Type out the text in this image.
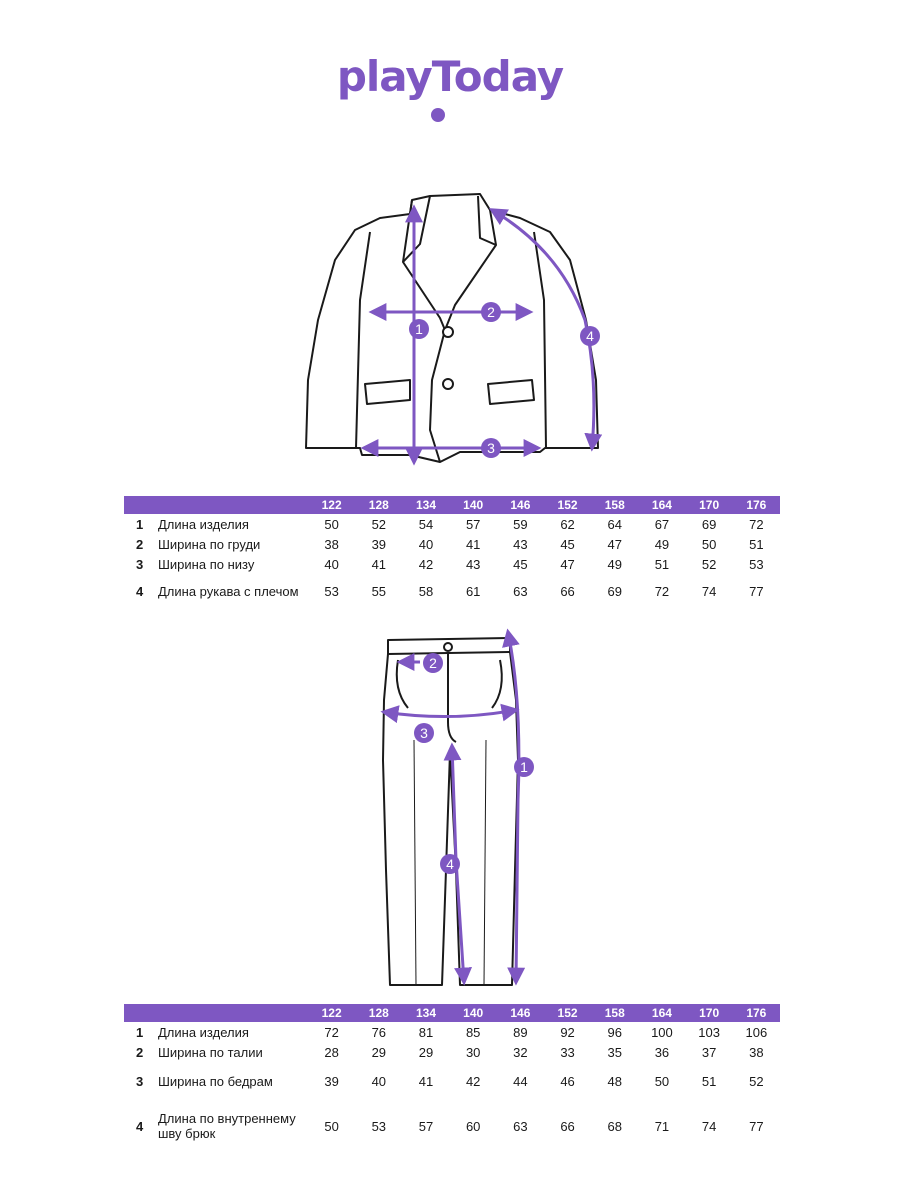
playToday
1
2
3
4
		122	128	134	140	146	152	158	164	170	176
1	Длина изделия	50	52	54	57	59	62	64	67	69	72
2	Ширина по груди	38	39	40	41	43	45	47	49	50	51
3	Ширина по низу	40	41	42	43	45	47	49	51	52	53
4	Длина рукава с плечом	53	55	58	61	63	66	69	72	74	77
1
2
3
4
		122	128	134	140	146	152	158	164	170	176
1	Длина изделия	72	76	81	85	89	92	96	100	103	106
2	Ширина по талии	28	29	29	30	32	33	35	36	37	38
3	Ширина по бедрам	39	40	41	42	44	46	48	50	51	52
4	Длина по внутреннему шву брюк	50	53	57	60	63	66	68	71	74	77
